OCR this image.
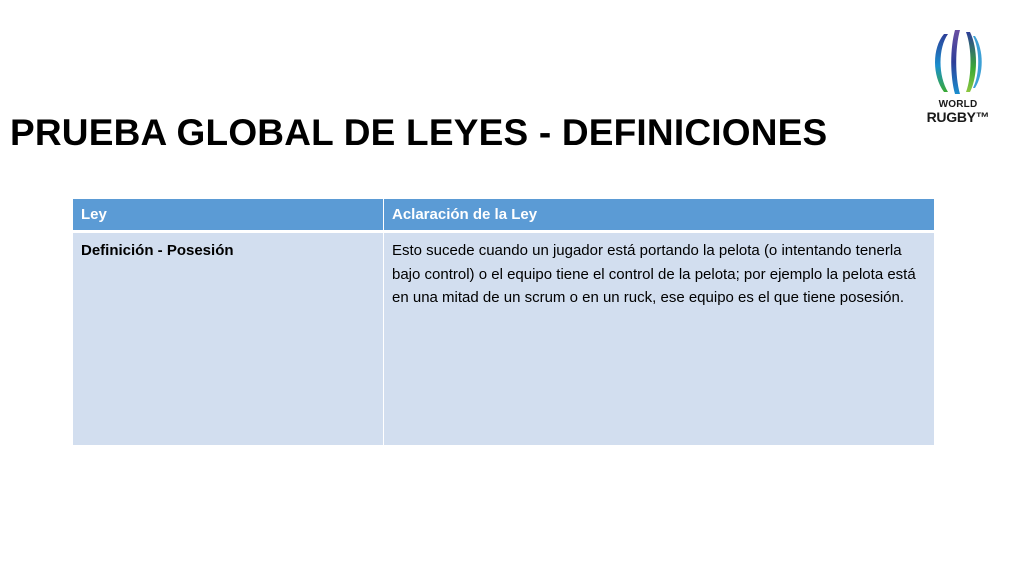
PRUEBA GLOBAL DE LEYES - DEFINICIONES
WORLD
RUGBY™
Ley	Aclaración de la Ley
Definición - Posesión	Esto sucede cuando un jugador está portando la pelota (o intentando tenerla bajo control) o el equipo tiene el control de la pelota; por ejemplo la pelota está en una mitad de un scrum o en un ruck, ese equipo es el que tiene posesión.
